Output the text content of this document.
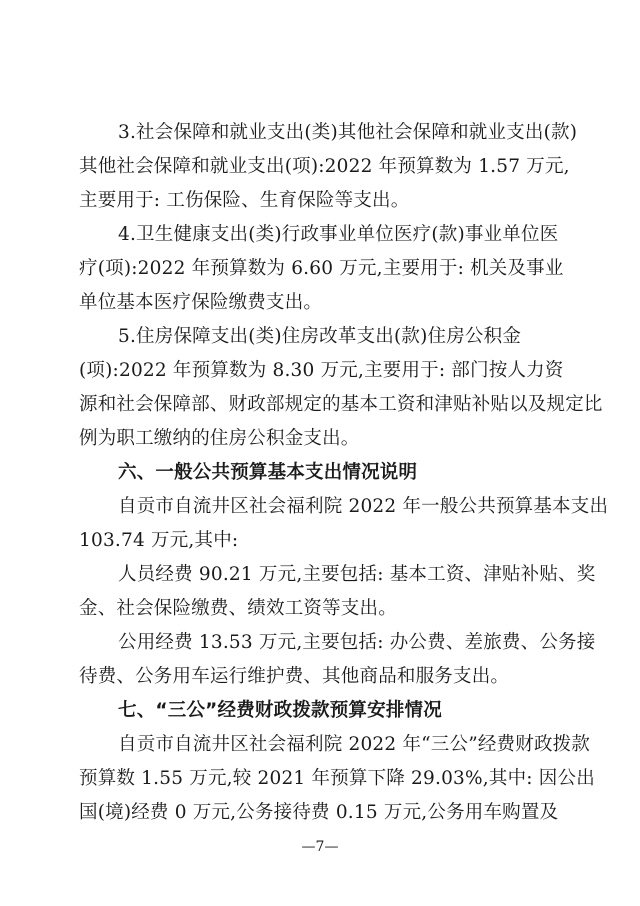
3.社会保障和就业支出(类)其他社会保障和就业支出(款)
其他社会保障和就业支出(项):2022 年预算数为 1.57 万元,
主要用于: 工伤保险、生育保险等支出。
4.卫生健康支出(类)行政事业单位医疗(款)事业单位医
疗(项):2022 年预算数为 6.60 万元,主要用于: 机关及事业
单位基本医疗保险缴费支出。
5.住房保障支出(类)住房改革支出(款)住房公积金
(项):2022 年预算数为 8.30 万元,主要用于: 部门按人力资
源和社会保障部、财政部规定的基本工资和津贴补贴以及规定比
例为职工缴纳的住房公积金支出。
六、一般公共预算基本支出情况说明
自贡市自流井区社会福利院 2022 年一般公共预算基本支出
103.74 万元,其中:
人员经费 90.21 万元,主要包括: 基本工资、津贴补贴、奖
金、社会保险缴费、绩效工资等支出。
公用经费 13.53 万元,主要包括: 办公费、差旅费、公务接
待费、公务用车运行维护费、其他商品和服务支出。
七、“三公”经费财政拨款预算安排情况
自贡市自流井区社会福利院 2022 年“三公”经费财政拨款
预算数 1.55 万元,较 2021 年预算下降 29.03%,其中: 因公出
国(境)经费 0 万元,公务接待费 0.15 万元,公务用车购置及
—7—
